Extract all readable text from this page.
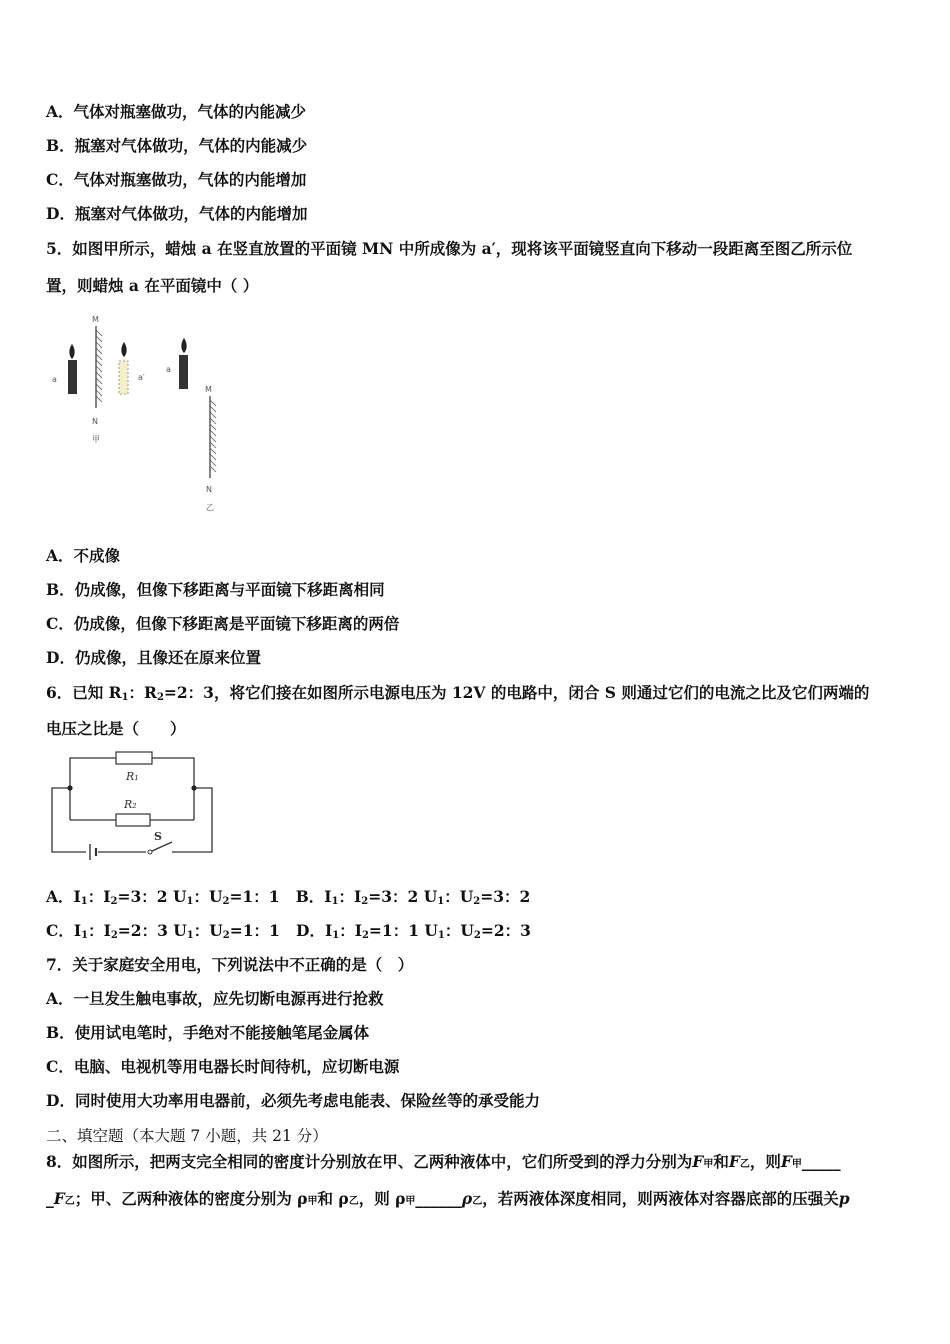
A．气体对瓶塞做功，气体的内能减少
B．瓶塞对气体做功，气体的内能减少
C．气体对瓶塞做功，气体的内能增加
D．瓶塞对气体做功，气体的内能增加
5．如图甲所示，蜡烛 a 在竖直放置的平面镜 MN 中所成像为 a′，现将该平面镜竖直向下移动一段距离至图乙所示位
置，则蜡烛 a 在平面镜中（ ）
M
N
甲
a	a′
a
M
N
乙
A．不成像
B．仍成像，但像下移距离与平面镜下移距离相同
C．仍成像，但像下移距离是平面镜下移距离的两倍
D．仍成像，且像还在原来位置
6．已知 $R_1$：$R_2=2$：3，将它们接在如图所示电源电压为 12V 的电路中，闭合 S 则通过它们的电流之比及它们两端的
电压之比是（　　）
R₁
R₂
S
A．$I_1$：$I_2=3$：2 $U_1$：$U_2=1$：1 B．$I_1$：$I_2=3$：2 $U_1$：$U_2=3$：2
C．$I_1$：$I_2=2$：3 $U_1$：$U_2=1$：1 D．$I_1$：$I_2=1$：1 $U_1$：$U_2=2$：3
7．关于家庭安全用电，下列说法中不正确的是（　）
A．一旦发生触电事故，应先切断电源再进行抢救
B．使用试电笔时，手绝对不能接触笔尾金属体
C．电脑、电视机等用电器长时间待机，应切断电源
D．同时使用大功率用电器前，必须先考虑电能表、保险丝等的承受能力
二、填空题（本大题 7 小题，共 21 分）
8．如图所示，把两支完全相同的密度计分别放在甲、乙两种液体中，它们所受到的浮力分别为F甲和F乙，则F甲_____
_F乙；甲、乙两种液体的密度分别为 ρ甲和 ρ乙，则 ρ甲______ρ乙，若两液体深度相同，则两液体对容器底部的压强关p
